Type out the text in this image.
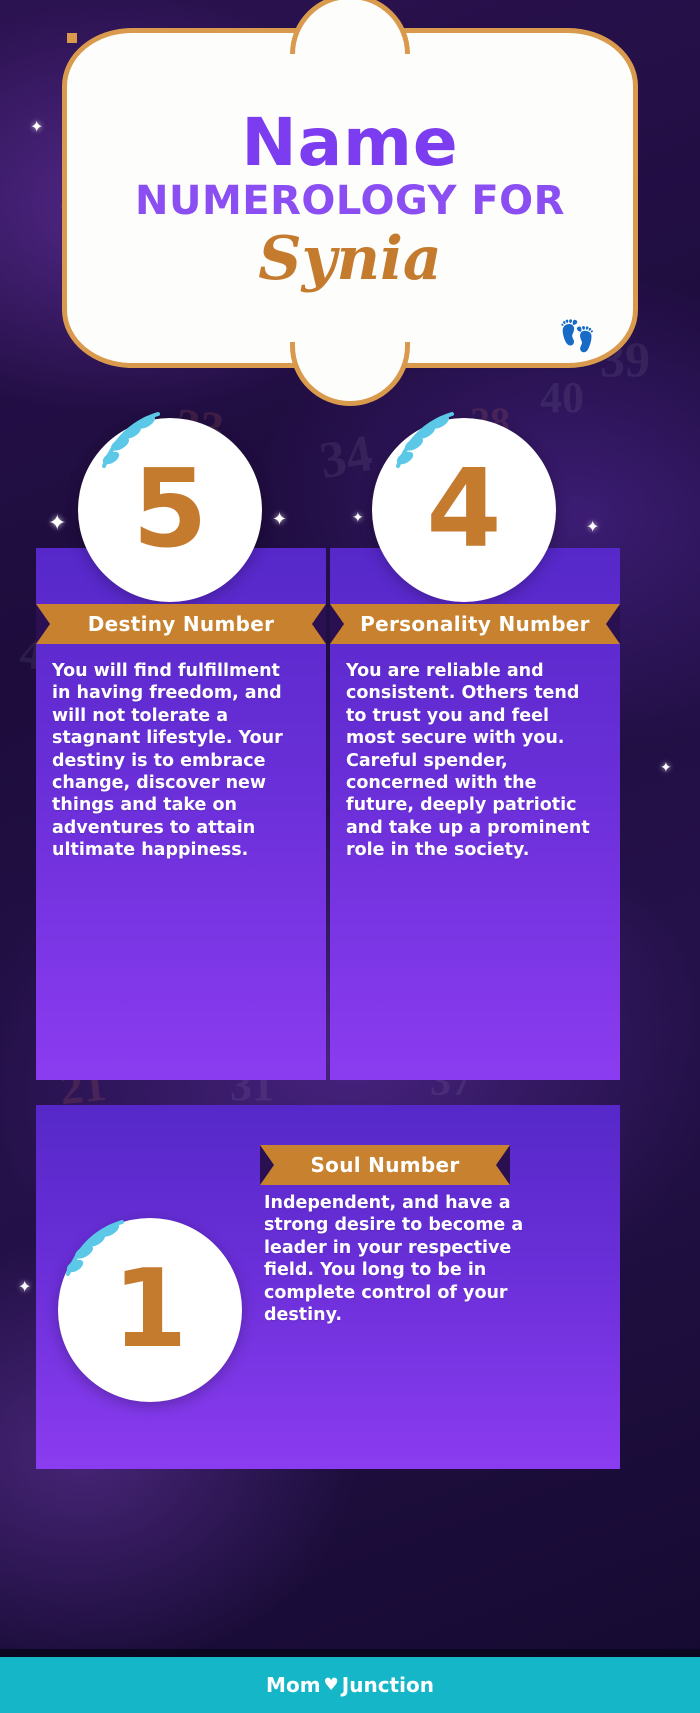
39
40
34
21	31	37
✦
✦	✦	✦
✦
✦
✦
Name
NUMEROLOGY FOR
Synia
👣
5
Destiny Number
You will find fulfillment in having freedom, and will not tolerate a stagnant lifestyle. Your destiny is to embrace change, discover new things and take on adventures to attain ultimate happiness.
4
Personality Number
You are reliable and consistent. Others tend to trust you and feel most secure with you. Careful spender, concerned with the future, deeply patriotic and take up a prominent role in the society.
1
Soul Number
Independent, and have a strong desire to become a leader in your respective field. You long to be in complete control of your destiny.
Mom ♥ Junction
